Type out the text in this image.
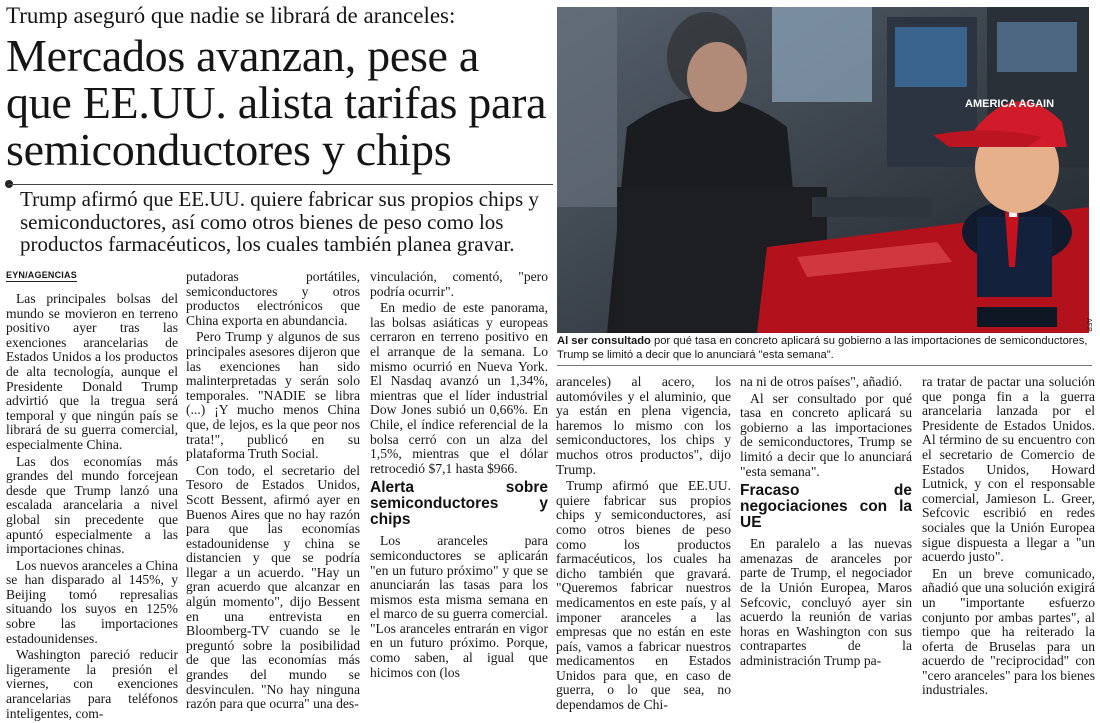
Trump aseguró que nadie se librará de aranceles:
Mercados avanzan, pese a que EE.UU. alista tarifas para semiconductores y chips
Trump afirmó que EE.UU. quiere fabricar sus propios chips y semiconductores, así como otros bienes de peso como los productos farmacéuticos, los cuales también planea gravar.
EYN/AGENCIAS

Las principales bolsas del mundo se movieron en terreno positivo ayer tras las exenciones arancelarias de Estados Unidos a los productos de alta tecnología, aunque el Presidente Donald Trump advirtió que la tregua será temporal y que ningún país se librará de su guerra comercial, especialmente China.

Las dos economías más grandes del mundo forcejean desde que Trump lanzó una escalada arancelaria a nivel global sin precedente que apuntó especialmente a las importaciones chinas.

Los nuevos aranceles a China se han disparado al 145%, y Beijing tomó represalias situando los suyos en 125% sobre las importaciones estadounidenses.

Washington pareció reducir ligeramente la presión el viernes, con exenciones arancelarias para teléfonos inteligentes, com-

putadoras portátiles, semiconductores y otros productos electrónicos que China exporta en abundancia.

Pero Trump y algunos de sus principales asesores dijeron que las exenciones han sido malinterpretadas y serán solo temporales. "NADIE se libra (...) ¡Y mucho menos China que, de lejos, es la que peor nos trata!", publicó en su plataforma Truth Social.

Con todo, el secretario del Tesoro de Estados Unidos, Scott Bessent, afirmó ayer en Buenos Aires que no hay razón para que las economías estadounidense y china se distancien y que se podría llegar a un acuerdo. "Hay un gran acuerdo que alcanzar en algún momento", dijo Bessent en una entrevista en Bloomberg-TV cuando se le preguntó sobre la posibilidad de que las economías más grandes del mundo se desvinculen. "No hay ninguna razón para que ocurra" una des-

vinculación, comentó, "pero podría ocurrir".

En medio de este panorama, las bolsas asiáticas y europeas cerraron en terreno positivo en el arranque de la semana. Lo mismo ocurrió en Nueva York. El Nasdaq avanzó un 1,34%, mientras que el líder industrial Dow Jones subió un 0,66%. En Chile, el índice referencial de la bolsa cerró con un alza del 1,5%, mientras que el dólar retrocedió $7,1 hasta $966.

Alerta sobre semiconductores y chips

Los aranceles para semiconductores se aplicarán "en un futuro próximo" y que se anunciarán las tasas para los mismos esta misma semana en el marco de su guerra comercial. "Los aranceles entrarán en vigor en un futuro próximo. Porque, como saben, al igual que hicimos con (los

AMERICA AGAIN
AFP
Al ser consultado por qué tasa en concreto aplicará su gobierno a las importaciones de semiconductores, Trump se limitó a decir que lo anunciará "esta semana".

aranceles) al acero, los automóviles y el aluminio, que ya están en plena vigencia, haremos lo mismo con los semiconductores, los chips y muchos otros productos", dijo Trump.

Trump afirmó que EE.UU. quiere fabricar sus propios chips y semiconductores, así como otros bienes de peso como los productos farmacéuticos, los cuales ha dicho también que gravará. "Queremos fabricar nuestros medicamentos en este país, y al imponer aranceles a las empresas que no están en este país, vamos a fabricar nuestros medicamentos en Estados Unidos para que, en caso de guerra, o lo que sea, no dependamos de Chi-

na ni de otros países", añadió.

Al ser consultado por qué tasa en concreto aplicará su gobierno a las importaciones de semiconductores, Trump se limitó a decir que lo anunciará "esta semana".

Fracaso de negociaciones con la UE

En paralelo a las nuevas amenazas de aranceles por parte de Trump, el negociador de la Unión Europea, Maros Sefcovic, concluyó ayer sin acuerdo la reunión de varias horas en Washington con sus contrapartes de la administración Trump pa-

ra tratar de pactar una solución que ponga fin a la guerra arancelaria lanzada por el Presidente de Estados Unidos. Al término de su encuentro con el secretario de Comercio de Estados Unidos, Howard Lutnick, y con el responsable comercial, Jamieson L. Greer, Sefcovic escribió en redes sociales que la Unión Europea sigue dispuesta a llegar a "un acuerdo justo".

En un breve comunicado, añadió que una solución exigirá un "importante esfuerzo conjunto por ambas partes", al tiempo que ha reiterado la oferta de Bruselas para un acuerdo de "reciprocidad" con "cero aranceles" para los bienes industriales.
